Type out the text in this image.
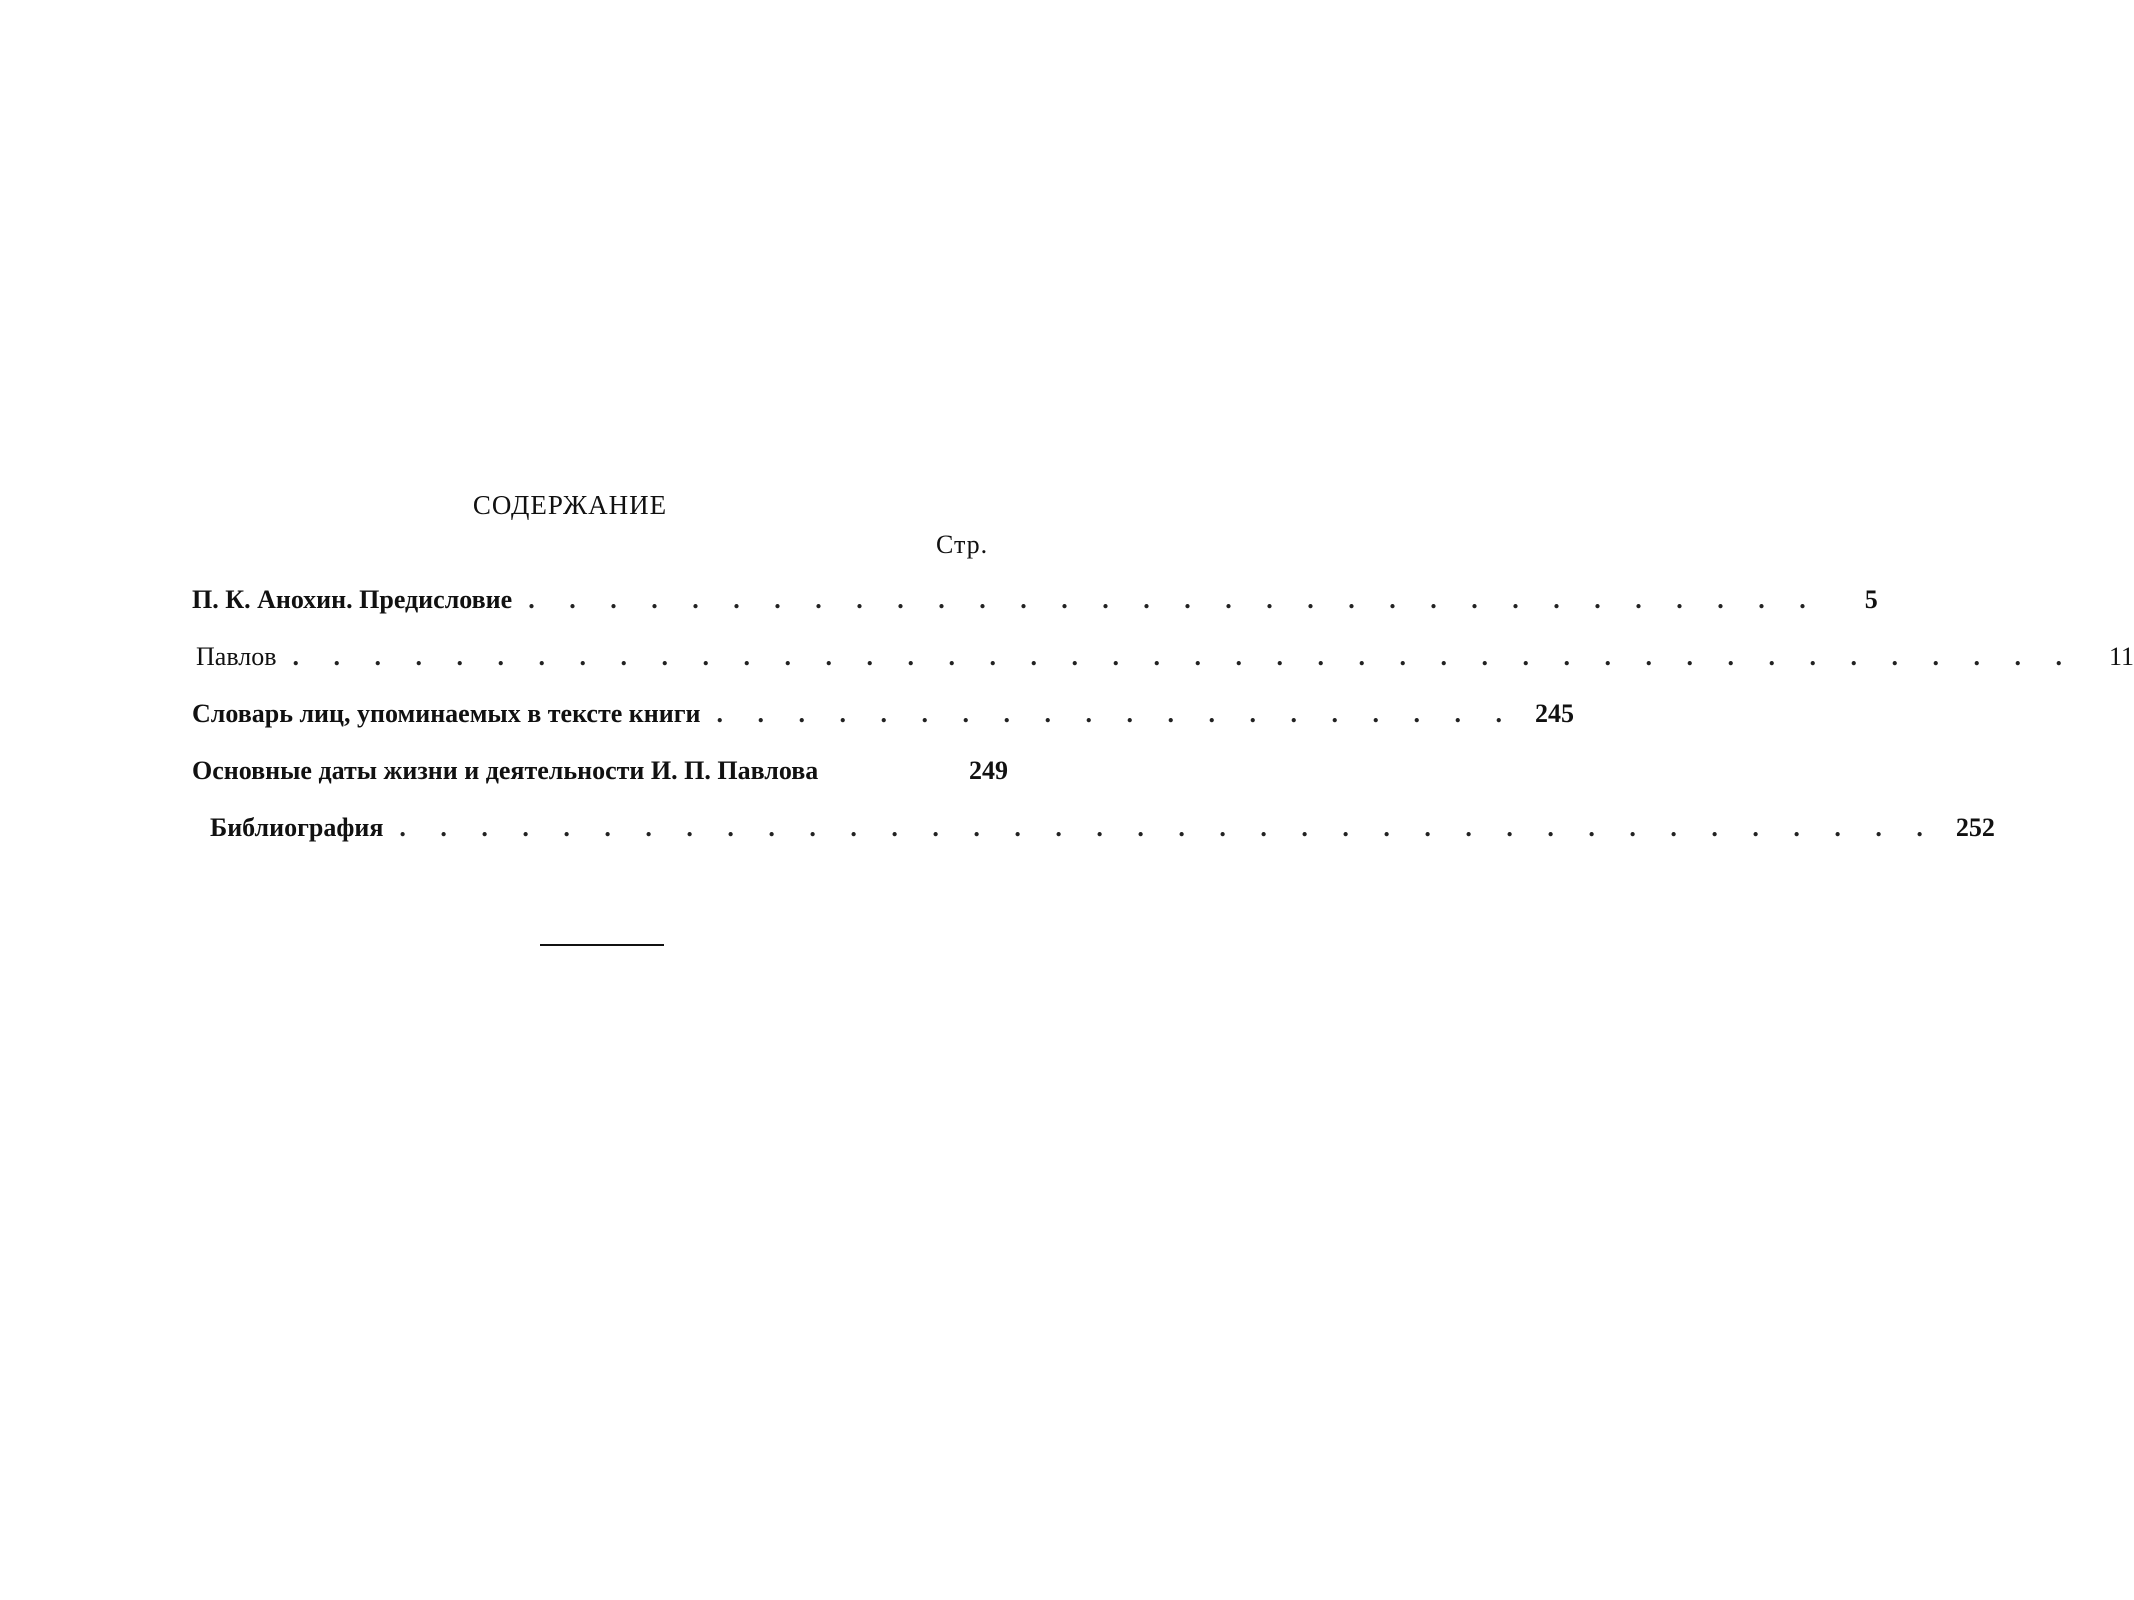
СОДЕРЖАНИЕ
Стр.
П. К. Анохин. Предисловие . . . . . . . . . . . . . . . . . . . . . . . . . . . . . . . .	5
Павлов . . . . . . . . . . . . . . . . . . . . . . . . . . . . . . . . . . . . . . . . . . . .	11
Словарь лиц, упоминаемых в тексте книги . . . . . . . . . . . . . . . . . . . . 245
Основные даты жизни и деятельности И. П. Павлова	249
Библиография . . . . . . . . . . . . . . . . . . . . . . . . . . . . . . . . . . . . . . 252
